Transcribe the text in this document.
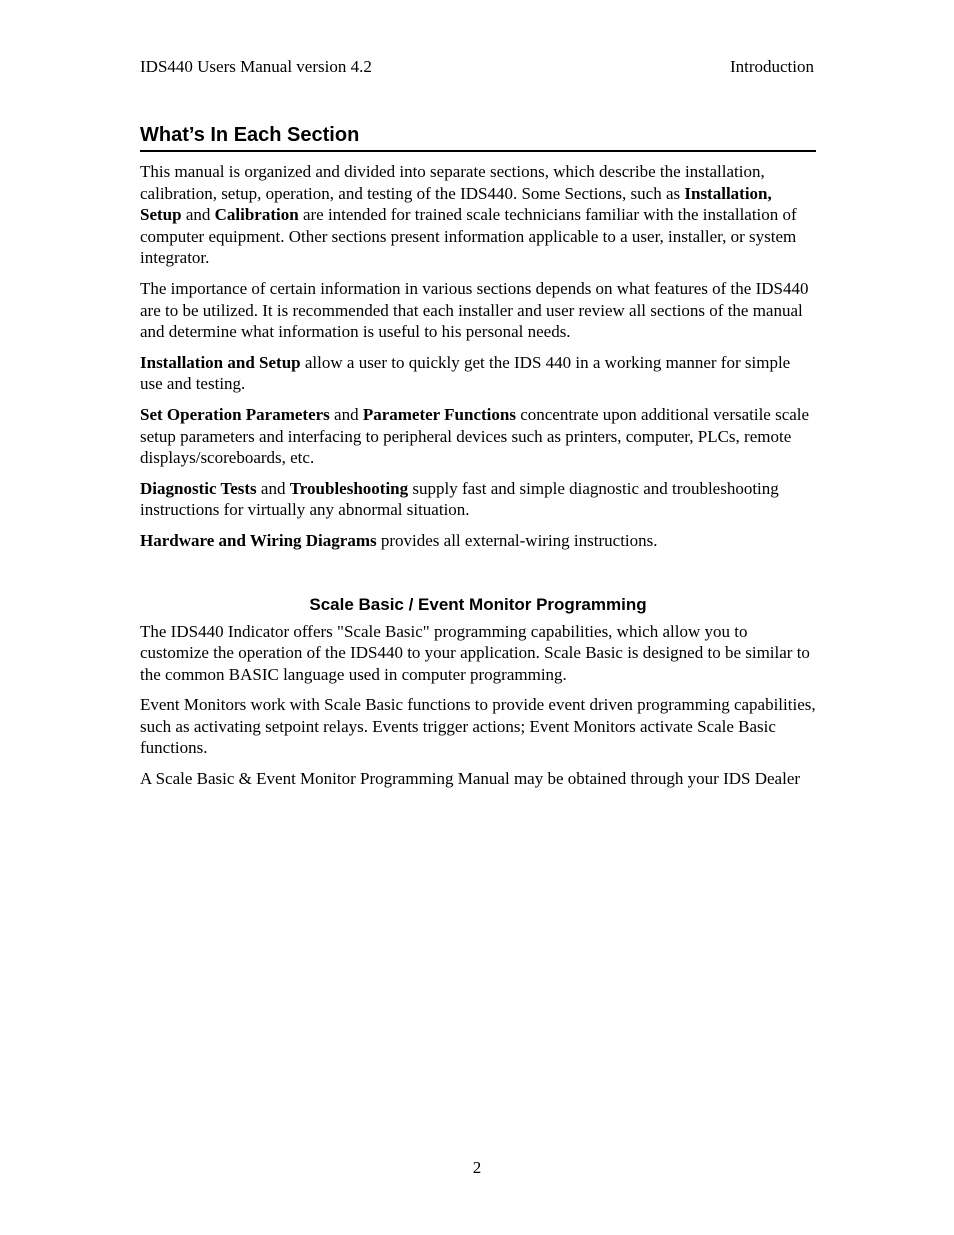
IDS440 Users Manual version 4.2	Introduction
What’s In Each Section

This manual is organized and divided into separate sections, which describe the installation, calibration, setup, operation, and testing of the IDS440. Some Sections, such as Installation, Setup and Calibration are intended for trained scale technicians familiar with the installation of computer equipment. Other sections present information applicable to a user, installer, or system integrator.

The importance of certain information in various sections depends on what features of the IDS440 are to be utilized. It is recommended that each installer and user review all sections of the manual and determine what information is useful to his personal needs.

Installation and Setup allow a user to quickly get the IDS 440 in a working manner for simple use and testing.

Set Operation Parameters and Parameter Functions concentrate upon additional versatile scale setup parameters and interfacing to peripheral devices such as printers, computer, PLCs, remote displays/scoreboards, etc.

Diagnostic Tests and Troubleshooting supply fast and simple diagnostic and troubleshooting instructions for virtually any abnormal situation.

Hardware and Wiring Diagrams provides all external-wiring instructions.

Scale Basic / Event Monitor Programming

The IDS440 Indicator offers "Scale Basic" programming capabilities, which allow you to customize the operation of the IDS440 to your application. Scale Basic is designed to be similar to the common BASIC language used in computer programming.

Event Monitors work with Scale Basic functions to provide event driven programming capabilities, such as activating setpoint relays. Events trigger actions; Event Monitors activate Scale Basic functions.

A Scale Basic & Event Monitor Programming Manual may be obtained through your IDS Dealer

2
